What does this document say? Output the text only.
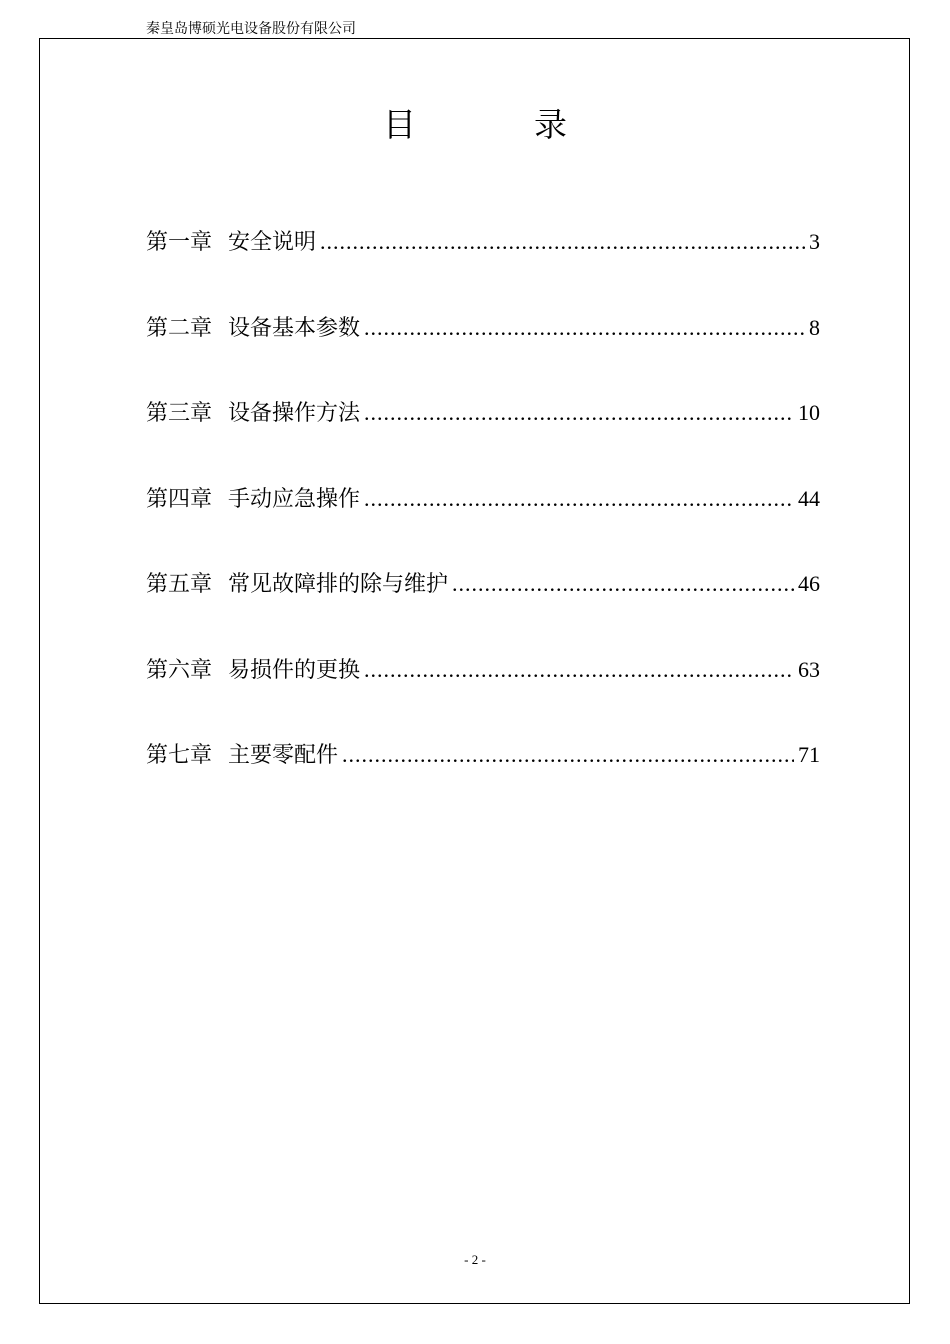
秦皇岛博硕光电设备股份有限公司
目	录
第一章 安全说明 .....	3
第二章 设备基本参数 .....	8
第三章 设备操作方法 .....	10
第四章 手动应急操作 .....	44
第五章 常见故障排的除与维护 .....	46
第六章 易损件的更换 .....	63
第七章 主要零配件 .....	71
- 2 -
